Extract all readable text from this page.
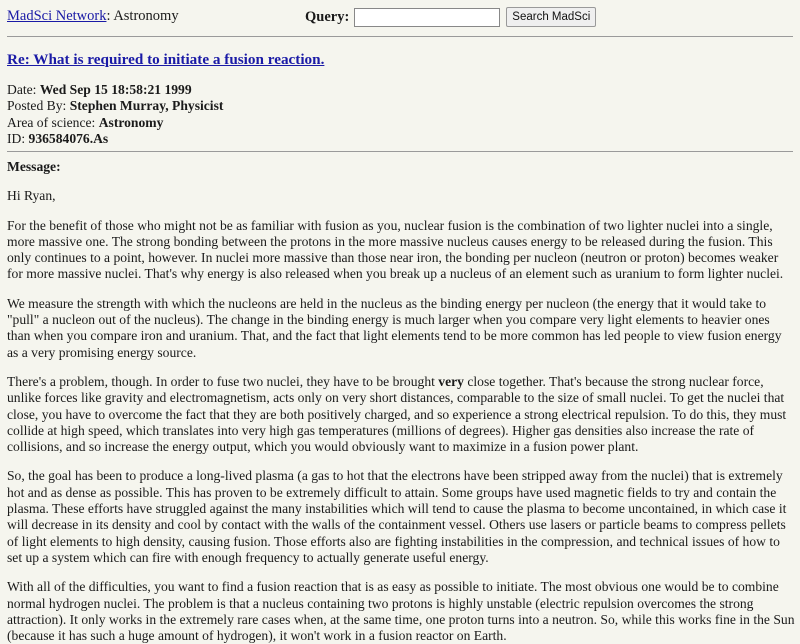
MadSci Network: Astronomy	Query:	Search MadSci
Re: What is required to initiate a fusion reaction.
Date: Wed Sep 15 18:58:21 1999
Posted By: Stephen Murray, Physicist
Area of science: Astronomy
ID: 936584076.As

Message:

Hi Ryan,

For the benefit of those who might not be as familiar with fusion as you, nuclear fusion is the combination of two lighter nuclei into a single, more massive one. The strong bonding between the protons in the more massive nucleus causes energy to be released during the fusion. This only continues to a point, however. In nuclei more massive than those near iron, the bonding per nucleon (neutron or proton) becomes weaker for more massive nuclei. That's why energy is also released when you break up a nucleus of an element such as uranium to form lighter nuclei.

We measure the strength with which the nucleons are held in the nucleus as the binding energy per nucleon (the energy that it would take to "pull" a nucleon out of the nucleus). The change in the binding energy is much larger when you compare very light elements to heavier ones than when you compare iron and uranium. That, and the fact that light elements tend to be more common has led people to view fusion energy as a very promising energy source.

There's a problem, though. In order to fuse two nuclei, they have to be brought very close together. That's because the strong nuclear force, unlike forces like gravity and electromagnetism, acts only on very short distances, comparable to the size of small nuclei. To get the nuclei that close, you have to overcome the fact that they are both positively charged, and so experience a strong electrical repulsion. To do this, they must collide at high speed, which translates into very high gas temperatures (millions of degrees). Higher gas densities also increase the rate of collisions, and so increase the energy output, which you would obviously want to maximize in a fusion power plant.

So, the goal has been to produce a long-lived plasma (a gas to hot that the electrons have been stripped away from the nuclei) that is extremely hot and as dense as possible. This has proven to be extremely difficult to attain. Some groups have used magnetic fields to try and contain the plasma. These efforts have struggled against the many instabilities which will tend to cause the plasma to become uncontained, in which case it will decrease in its density and cool by contact with the walls of the containment vessel. Others use lasers or particle beams to compress pellets of light elements to high density, causing fusion. Those efforts also are fighting instabilities in the compression, and technical issues of how to set up a system which can fire with enough frequency to actually generate useful energy.

With all of the difficulties, you want to find a fusion reaction that is as easy as possible to initiate. The most obvious one would be to combine normal hydrogen nuclei. The problem is that a nucleus containing two protons is highly unstable (electric repulsion overcomes the strong attraction). It only works in the extremely rare cases when, at the same time, one proton turns into a neutron. So, while this works fine in the Sun (because it has such a huge amount of hydrogen), it won't work in a fusion reactor on Earth.
